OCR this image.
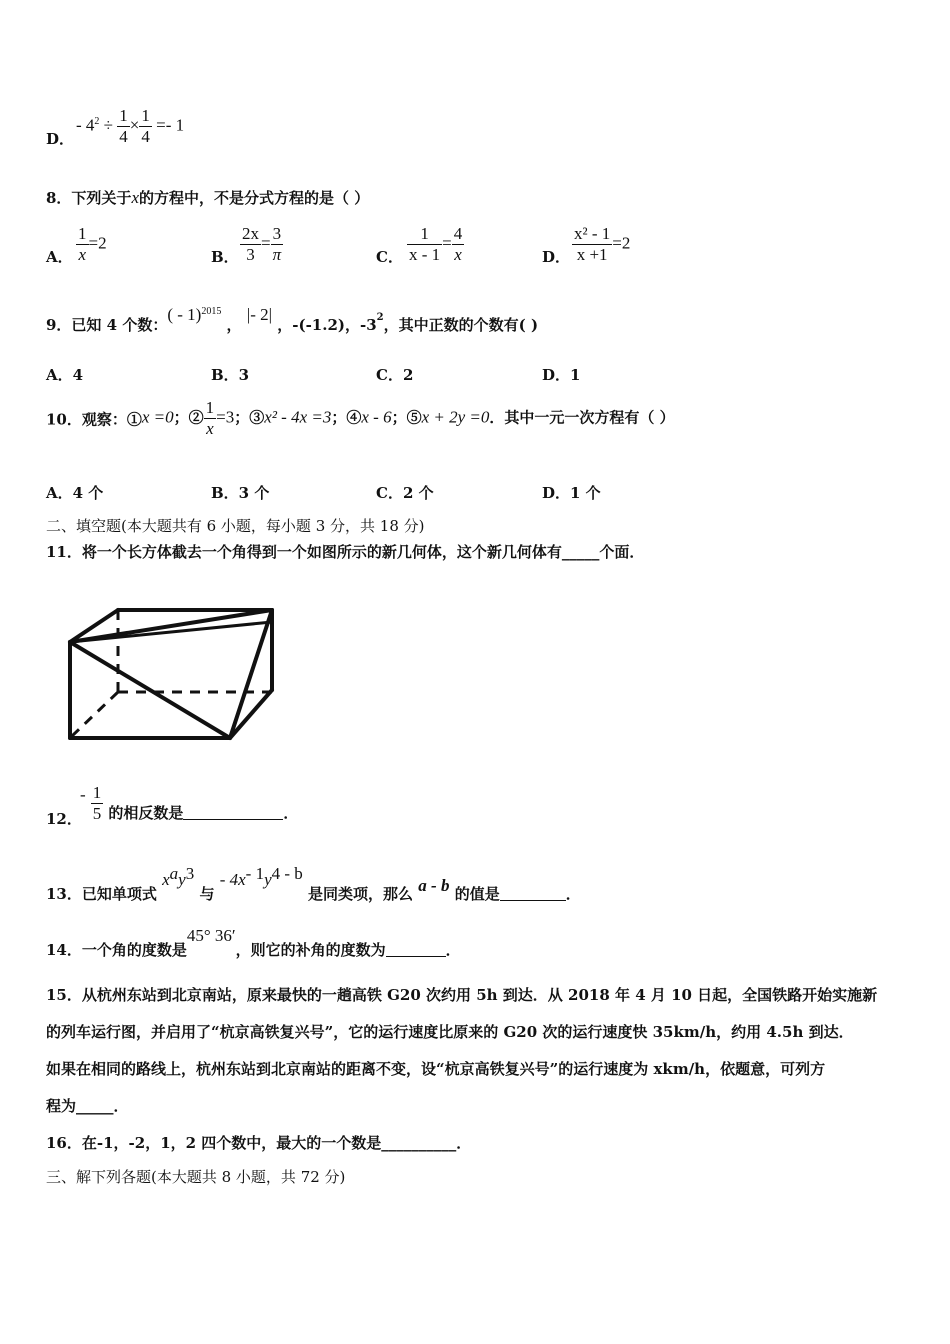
D．
- $4^2 \div \frac{1}{4} \times \frac{1}{4} =- 1$
8．下列关于x的方程中，不是分式方程的是（ ）
A． $\frac{1}{x} =2$
B． $\frac{2x}{3} = \frac{3}{\pi}$	C． $\frac{1}{x - 1} = \frac{4}{x}$	D． $\frac{\text{x² - 1}}{x +1} =2$
9．已知 4 个数：( - 1)$^{2015}$ ， |- 2| ，-(-1.2)，-32，其中正数的个数有( )
A．4	B．3	C．2	D．1
10．观察：①x =0；② $\frac{1}{x} =3$；③x² - 4x =3；④x - 6；⑤x + 2y =0．其中一元一次方程有（ ）
A．4 个	B．3 个	C．2 个	D．1 个
二、填空题(本大题共有 6 小题，每小题 3 分，共 18 分)
11．将一个长方体截去一个角得到一个如图所示的新几何体，这个新几何体有_____个面．
12．
- $\frac{1}{5}$ 的相反数是	．
13．已知单项式 $x^ay^3$ 与 - $4x^{- 1}y^{4 - b}$ 是同类项，那么 a - b 的值是	．
14．一个角的度数是45° 36′，则它的补角的度数为	．
15．从杭州东站到北京南站，原来最快的一趟高铁 G20 次约用 5h 到达．从 2018 年 4 月 10 日起，全国铁路开始实施新
的列车运行图，并启用了“杭京高铁复兴号”，它的运行速度比原来的 G20 次的运行速度快 35km/h，约用 4.5h 到达．
如果在相同的路线上，杭州东站到北京南站的距离不变，设“杭京高铁复兴号”的运行速度为 xkm/h，依题意，可列方
程为_____．
16．在-1，-2，1，2 四个数中，最大的一个数是__________．
三、解下列各题(本大题共 8 小题，共 72 分)
